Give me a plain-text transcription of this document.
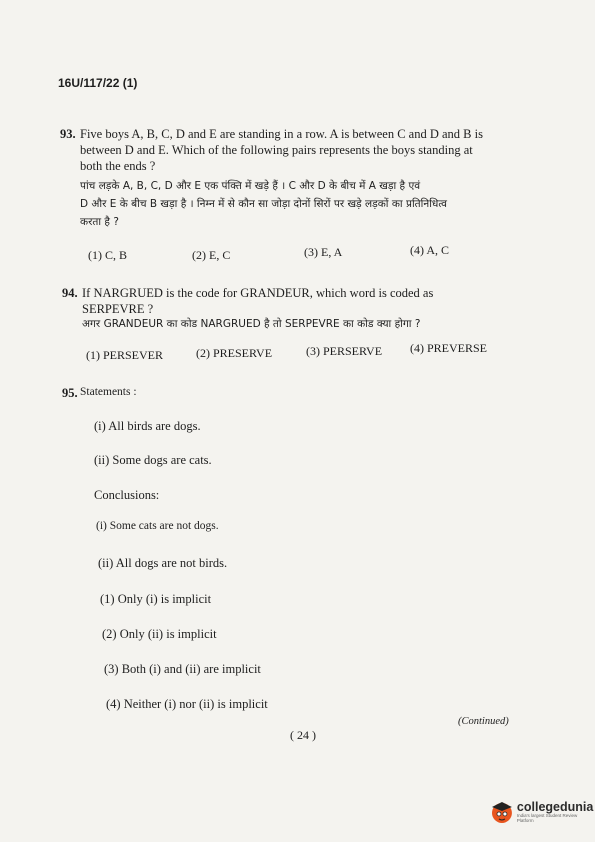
16U/117/22 (1)
93. Five boys A, B, C, D and E are standing in a row. A is between C and D and B is
between D and E. Which of the following pairs represents the boys standing at
both the ends ?
पांच लड़के A, B, C, D और E एक पंक्ति में खड़े हैं । C और D के बीच में A खड़ा है एवं
D और E के बीच B खड़ा है । निम्न में से कौन सा जोड़ा दोनों सिरों पर खड़े लड़कों का प्रतिनिधित्व
करता है ?
(1) C, B	(2) E, C	(3) E, A	(4) A, C
94. If NARGRUED is the code for GRANDEUR, which word is coded as
SERPEVRE ?
अगर GRANDEUR का कोड NARGRUED है तो SERPEVRE का कोड क्या होगा ?
(1) PERSEVER	(2) PRESERVE	(3) PERSERVE (4) PREVERSE
95. Statements :
(i) All birds are dogs.
(ii) Some dogs are cats.
Conclusions:
(i) Some cats are not dogs.
(ii) All dogs are not birds.
(1) Only (i) is implicit
(2) Only (ii) is implicit
(3) Both (i) and (ii) are implicit
(4) Neither (i) nor (ii) is implicit
(Continued)
( 24 )
collegedunia
India's largest Student Review Platform
